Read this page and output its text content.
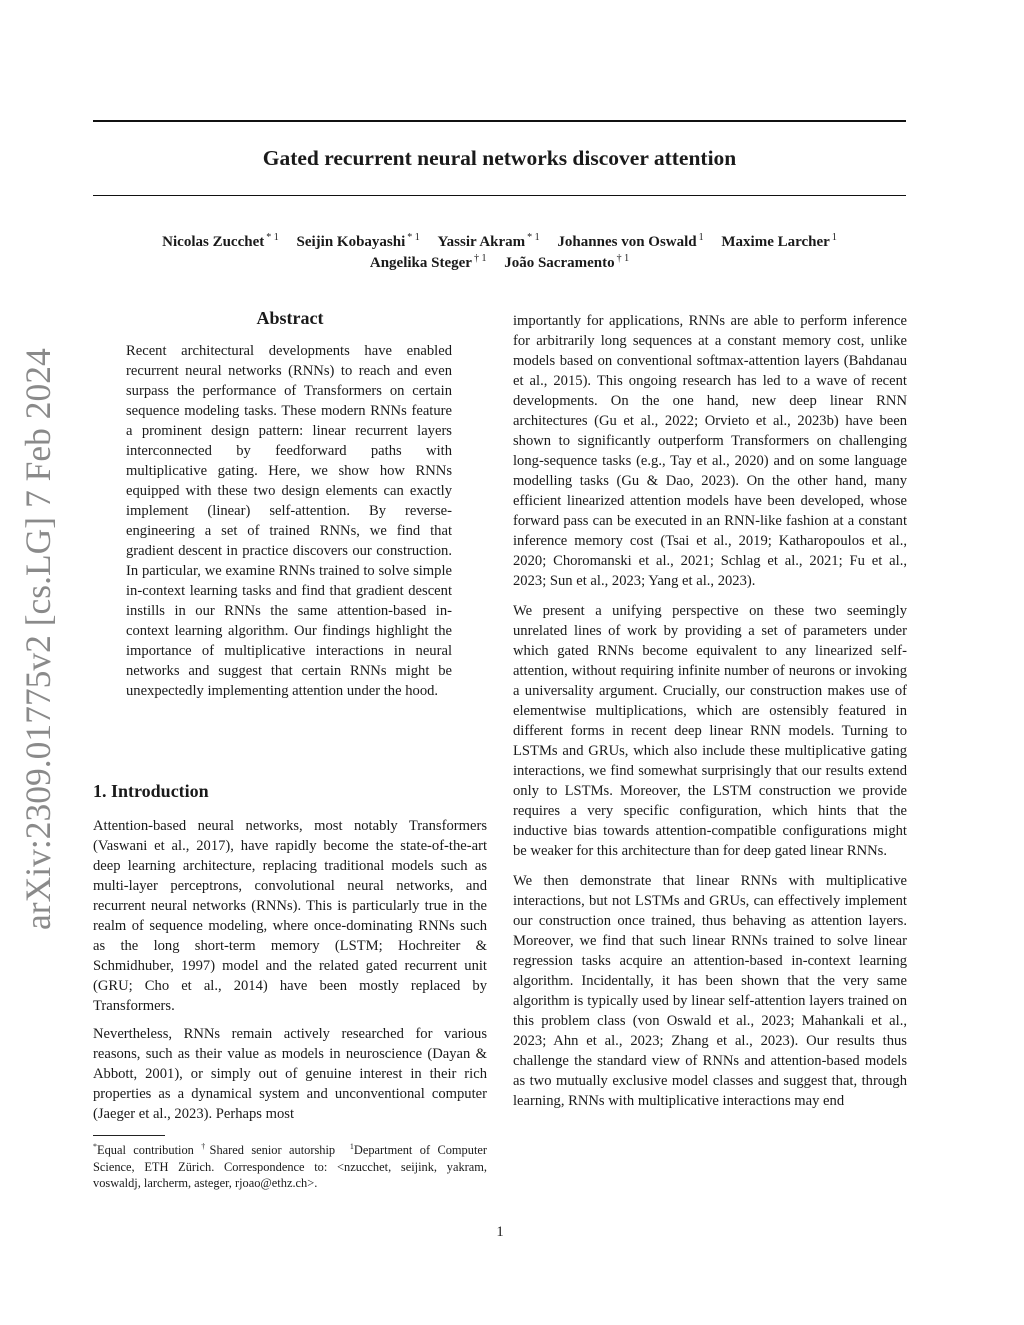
arXiv:2309.01775v2 [cs.LG] 7 Feb 2024
Gated recurrent neural networks discover attention
Nicolas Zucchet $^{* 1}$ Seijin Kobayashi $^{* 1}$ Yassir Akram $^{* 1}$ Johannes von Oswald $^1$ Maxime Larcher $^1$
Angelika Steger $^{\dagger 1}$ João Sacramento $^{\dagger 1}$
Abstract

Recent architectural developments have enabled recurrent neural networks (RNNs) to reach and even surpass the performance of Transformers on certain sequence modeling tasks. These modern RNNs feature a prominent design pattern: linear recurrent layers interconnected by feedforward paths with multiplicative gating. Here, we show how RNNs equipped with these two design elements can exactly implement (linear) self-attention. By reverse-engineering a set of trained RNNs, we find that gradient descent in practice discovers our construction. In particular, we examine RNNs trained to solve simple in-context learning tasks and find that gradient descent instills in our RNNs the same attention-based in-context learning algorithm. Our findings highlight the importance of multiplicative interactions in neural networks and suggest that certain RNNs might be unexpectedly implementing attention under the hood.

1. Introduction

Attention-based neural networks, most notably Transformers (Vaswani et al., 2017), have rapidly become the state-of-the-art deep learning architecture, replacing traditional models such as multi-layer perceptrons, convolutional neural networks, and recurrent neural networks (RNNs). This is particularly true in the realm of sequence modeling, where once-dominating RNNs such as the long short-term memory (LSTM; Hochreiter & Schmidhuber, 1997) model and the related gated recurrent unit (GRU; Cho et al., 2014) have been mostly replaced by Transformers.

Nevertheless, RNNs remain actively researched for various reasons, such as their value as models in neuroscience (Dayan & Abbott, 2001), or simply out of genuine interest in their rich properties as a dynamical system and unconventional computer (Jaeger et al., 2023). Perhaps most

*Equal contribution †Shared senior autorship $^1$Department of Computer Science, ETH Zürich. Correspondence to: <nzucchet, seijink, yakram, voswaldj, larcherm, asteger, rjoao@ethz.ch>.

importantly for applications, RNNs are able to perform inference for arbitrarily long sequences at a constant memory cost, unlike models based on conventional softmax-attention layers (Bahdanau et al., 2015). This ongoing research has led to a wave of recent developments. On the one hand, new deep linear RNN architectures (Gu et al., 2022; Orvieto et al., 2023b) have been shown to significantly outperform Transformers on challenging long-sequence tasks (e.g., Tay et al., 2020) and on some language modelling tasks (Gu & Dao, 2023). On the other hand, many efficient linearized attention models have been developed, whose forward pass can be executed in an RNN-like fashion at a constant inference memory cost (Tsai et al., 2019; Katharopoulos et al., 2020; Choromanski et al., 2021; Schlag et al., 2021; Fu et al., 2023; Sun et al., 2023; Yang et al., 2023).

We present a unifying perspective on these two seemingly unrelated lines of work by providing a set of parameters under which gated RNNs become equivalent to any linearized self-attention, without requiring infinite number of neurons or invoking a universality argument. Crucially, our construction makes use of elementwise multiplications, which are ostensibly featured in different forms in recent deep linear RNN models. Turning to LSTMs and GRUs, which also include these multiplicative gating interactions, we find somewhat surprisingly that our results extend only to LSTMs. Moreover, the LSTM construction we provide requires a very specific configuration, which hints that the inductive bias towards attention-compatible configurations might be weaker for this architecture than for deep gated linear RNNs.

We then demonstrate that linear RNNs with multiplicative interactions, but not LSTMs and GRUs, can effectively implement our construction once trained, thus behaving as attention layers. Moreover, we find that such linear RNNs trained to solve linear regression tasks acquire an attention-based in-context learning algorithm. Incidentally, it has been shown that the very same algorithm is typically used by linear self-attention layers trained on this problem class (von Oswald et al., 2023; Mahankali et al., 2023; Ahn et al., 2023; Zhang et al., 2023). Our results thus challenge the standard view of RNNs and attention-based models as two mutually exclusive model classes and suggest that, through learning, RNNs with multiplicative interactions may end

1
